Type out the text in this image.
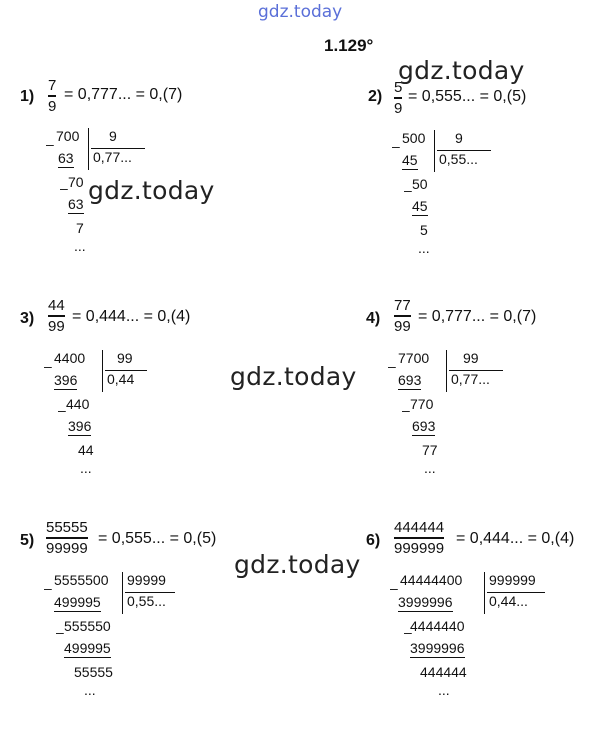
gdz.today
gdz.today
gdz.today
gdz.today
gdz.today
1.129°
1)
7
9
= 0,777... = 0,(7)
700 9
0,77...
–
63
– 70
63
7
...
2)
5
9
= 0,555... = 0,(5)
500 9
0,55...
–
45
– 50
45
5
...
3)
44
99
= 0,444... = 0,(4)
4400 99
0,44
–
396
– 440
396
44
...
4)
77
99
= 0,777... = 0,(7)
7700 99
0,77...
–
693
– 770
693
77
...
5)
55555
99999
= 0,555... = 0,(5)
5555500 99999
0,55...
–
499995
– 555550
499995
55555
...
6)
444444
999999
= 0,444... = 0,(4)
44444400 999999
0,44...
–
3999996
–
4444440
3999996
444444
...
